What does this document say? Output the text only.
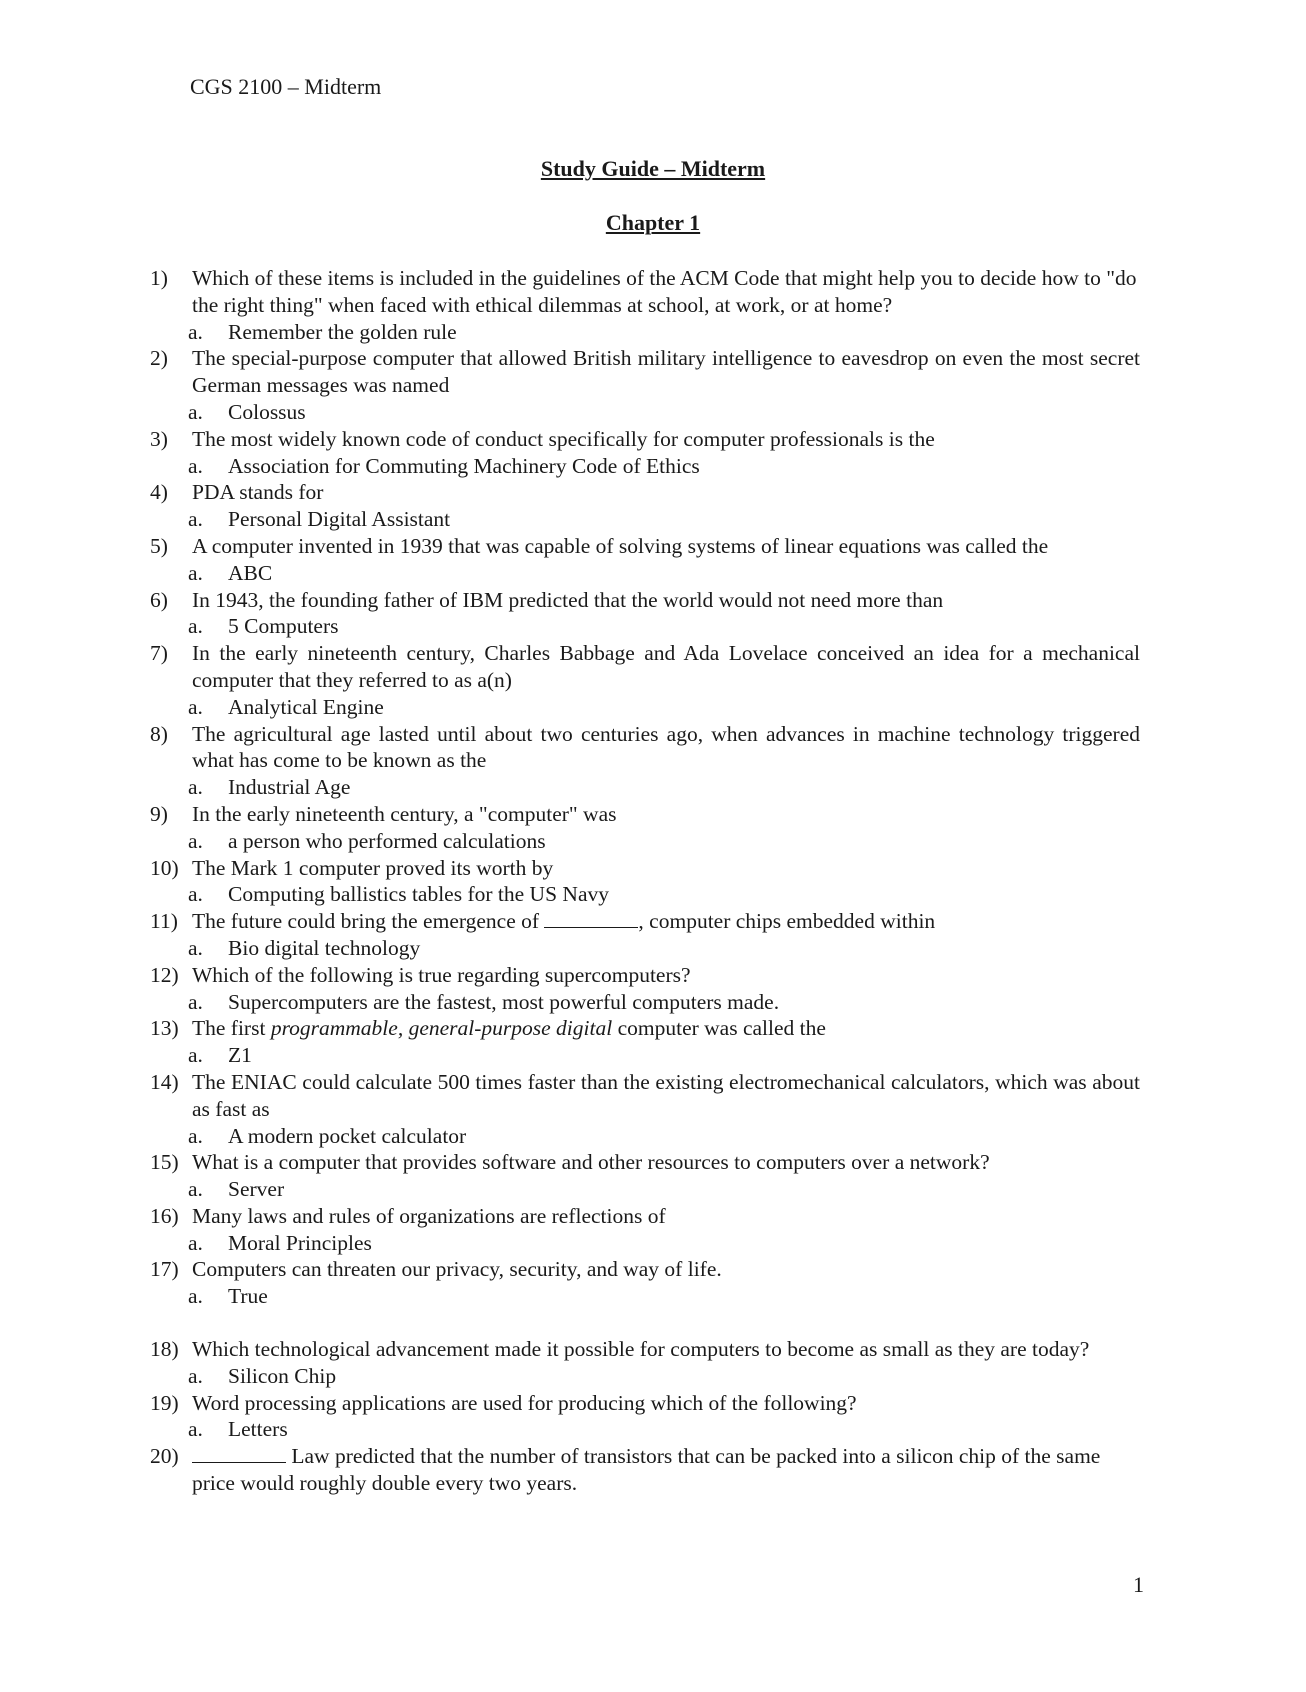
CGS 2100 – Midterm
Study Guide – Midterm
Chapter 1
1) Which of these items is included in the guidelines of the ACM Code that might help you to decide how to "do the right thing" when faced with ethical dilemmas at school, at work, or at home?
a. Remember the golden rule
2) The special-purpose computer that allowed British military intelligence to eavesdrop on even the most secret German messages was named
a. Colossus
3) The most widely known code of conduct specifically for computer professionals is the
a. Association for Commuting Machinery Code of Ethics
4) PDA stands for
a. Personal Digital Assistant
5) A computer invented in 1939 that was capable of solving systems of linear equations was called the
a. ABC
6) In 1943, the founding father of IBM predicted that the world would not need more than
a. 5 Computers
7) In the early nineteenth century, Charles Babbage and Ada Lovelace conceived an idea for a mechanical computer that they referred to as a(n)
a. Analytical Engine
8) The agricultural age lasted until about two centuries ago, when advances in machine technology triggered what has come to be known as the
a. Industrial Age
9) In the early nineteenth century, a "computer" was
a. a person who performed calculations
10) The Mark 1 computer proved its worth by
a. Computing ballistics tables for the US Navy
11) The future could bring the emergence of	, computer chips embedded within
a. Bio digital technology
12) Which of the following is true regarding supercomputers?
a. Supercomputers are the fastest, most powerful computers made.
13) The first programmable, general-purpose digital computer was called the
a. Z1
14) The ENIAC could calculate 500 times faster than the existing electromechanical calculators, which was about as fast as
a. A modern pocket calculator
15) What is a computer that provides software and other resources to computers over a network?
a. Server
16) Many laws and rules of organizations are reflections of
a. Moral Principles
17) Computers can threaten our privacy, security, and way of life.
a. True
18) Which technological advancement made it possible for computers to become as small as they are today?
a. Silicon Chip
19) Word processing applications are used for producing which of the following?
a. Letters
20)	Law predicted that the number of transistors that can be packed into a silicon chip of the same price would roughly double every two years.
1
